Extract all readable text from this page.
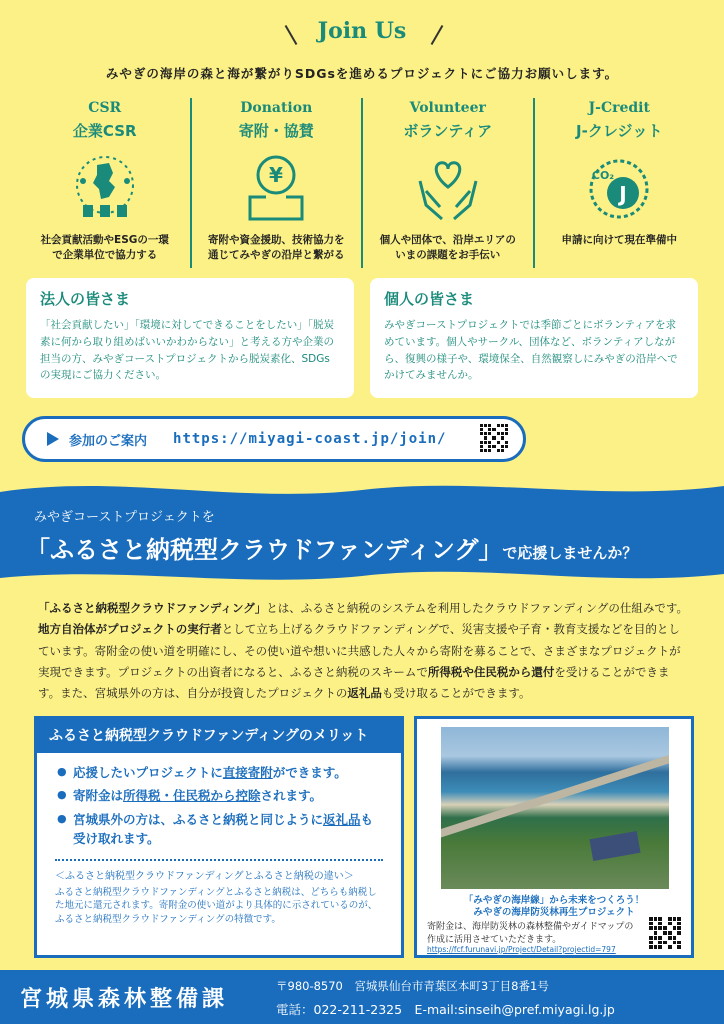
Join Us
みやぎの海岸の森と海が繋がりSDGsを進めるプロジェクトにご協力お願いします。
CSR
企業CSR
社会貢献活動やESGの一環
で企業単位で協力する
Donation
寄附・協賛
¥
寄附や資金援助、技術協力を
通じてみやぎの沿岸と繋がる
Volunteer
ボランティア
個人や団体で、沿岸エリアの
いまの課題をお手伝い
J-Credit
J-クレジット
J
CO₂
申請に向けて現在準備中
法人の皆さま

「社会貢献したい」「環境に対してできることをしたい」「脱炭素に何から取り組めばいいかわからない」と考える方や企業の担当の方、みやぎコーストプロジェクトから脱炭素化、SDGsの実現にご協力ください。

個人の皆さま

みやぎコーストプロジェクトでは季節ごとにボランティアを求めています。個人やサークル、団体など、ボランティアしながら、復興の様子や、環境保全、自然観察しにみやぎの沿岸へでかけてみませんか。

参加のご案内 https://miyagi-coast.jp/join/
みやぎコーストプロジェクトを
「ふるさと納税型クラウドファンディング」で応援しませんか？
「ふるさと納税型クラウドファンディング」とは、ふるさと納税のシステムを利用したクラウドファンディングの仕組みです。地方自治体がプロジェクトの実行者として立ち上げるクラウドファンディングで、災害支援や子育・教育支援などを目的としています。寄附金の使い道を明確にし、その使い道や想いに共感した人々から寄附を募ることで、さまざまなプロジェクトが実現できます。プロジェクトの出資者になると、ふるさと納税のスキームで所得税や住民税から還付を受けることができます。また、宮城県外の方は、自分が投資したプロジェクトの返礼品も受け取ることができます。
ふるさと納税型クラウドファンディングのメリット
● 応援したいプロジェクトに直接寄附ができます。
● 寄附金は所得税・住民税から控除されます。
● 宮城県外の方は、ふるさと納税と同じように返礼品も受け取れます。
＜ふるさと納税型クラウドファンディングとふるさと納税の違い＞
ふるさと納税型クラウドファンディングとふるさと納税は、どちらも納税した地元に還元されます。寄附金の使い道がより具体的に示されているのが、ふるさと納税型クラウドファンディングの特徴です。
「みやぎの海岸線」から未来をつくろう！
みやぎの海岸防災林再生プロジェクト
寄附金は、海岸防災林の森林整備やガイドマップの作成に活用させていただきます。
https://fcf.furunavi.jp/Project/Detail?projectid=797
宮城県森林整備課
〒980-8570　宮城県仙台市青葉区本町3丁目8番1号
電話：022-211-2325　E-mail:sinseih@pref.miyagi.lg.jp
